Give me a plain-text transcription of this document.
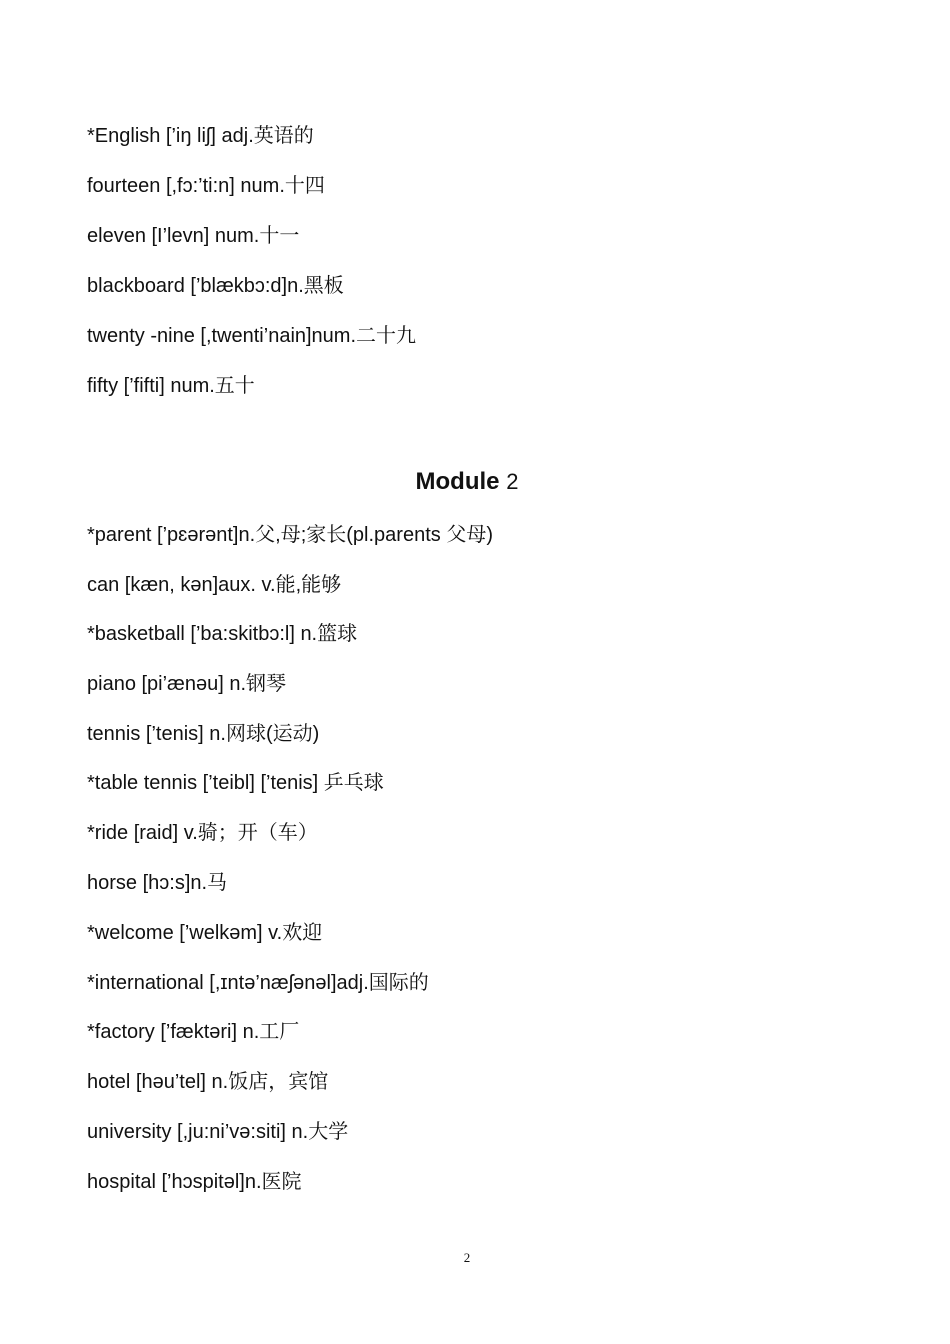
*English [’iŋ liʃ] adj.英语的
fourteen [,fɔ:’ti:n] num.十四
eleven [I’levn] num.十一
blackboard [’blækbɔ:d]n.黑板
twenty -nine [,twenti’nain]num.二十九
fifty [’fifti] num.五十
Module 2
*parent [’pɛərənt]n.父,母;家长(pl.parents 父母)
can [kæn, kən]aux. v.能,能够
*basketball [’ba:skitbɔ:l] n.篮球
piano [pi’ænəu] n.钢琴
tennis [’tenis] n.网球(运动)
*table tennis [’teibl] [’tenis] 乒乓球
*ride [raid] v.骑；开（车）
horse [hɔ:s]n.马
*welcome [’welkəm] v.欢迎
*international [,ɪntə’næʃənəl]adj.国际的
*factory [’fæktəri] n.工厂
hotel [həu’tel] n.饭店，宾馆
university [,ju:ni’və:siti] n.大学
hospital [’hɔspitəl]n.医院
2
